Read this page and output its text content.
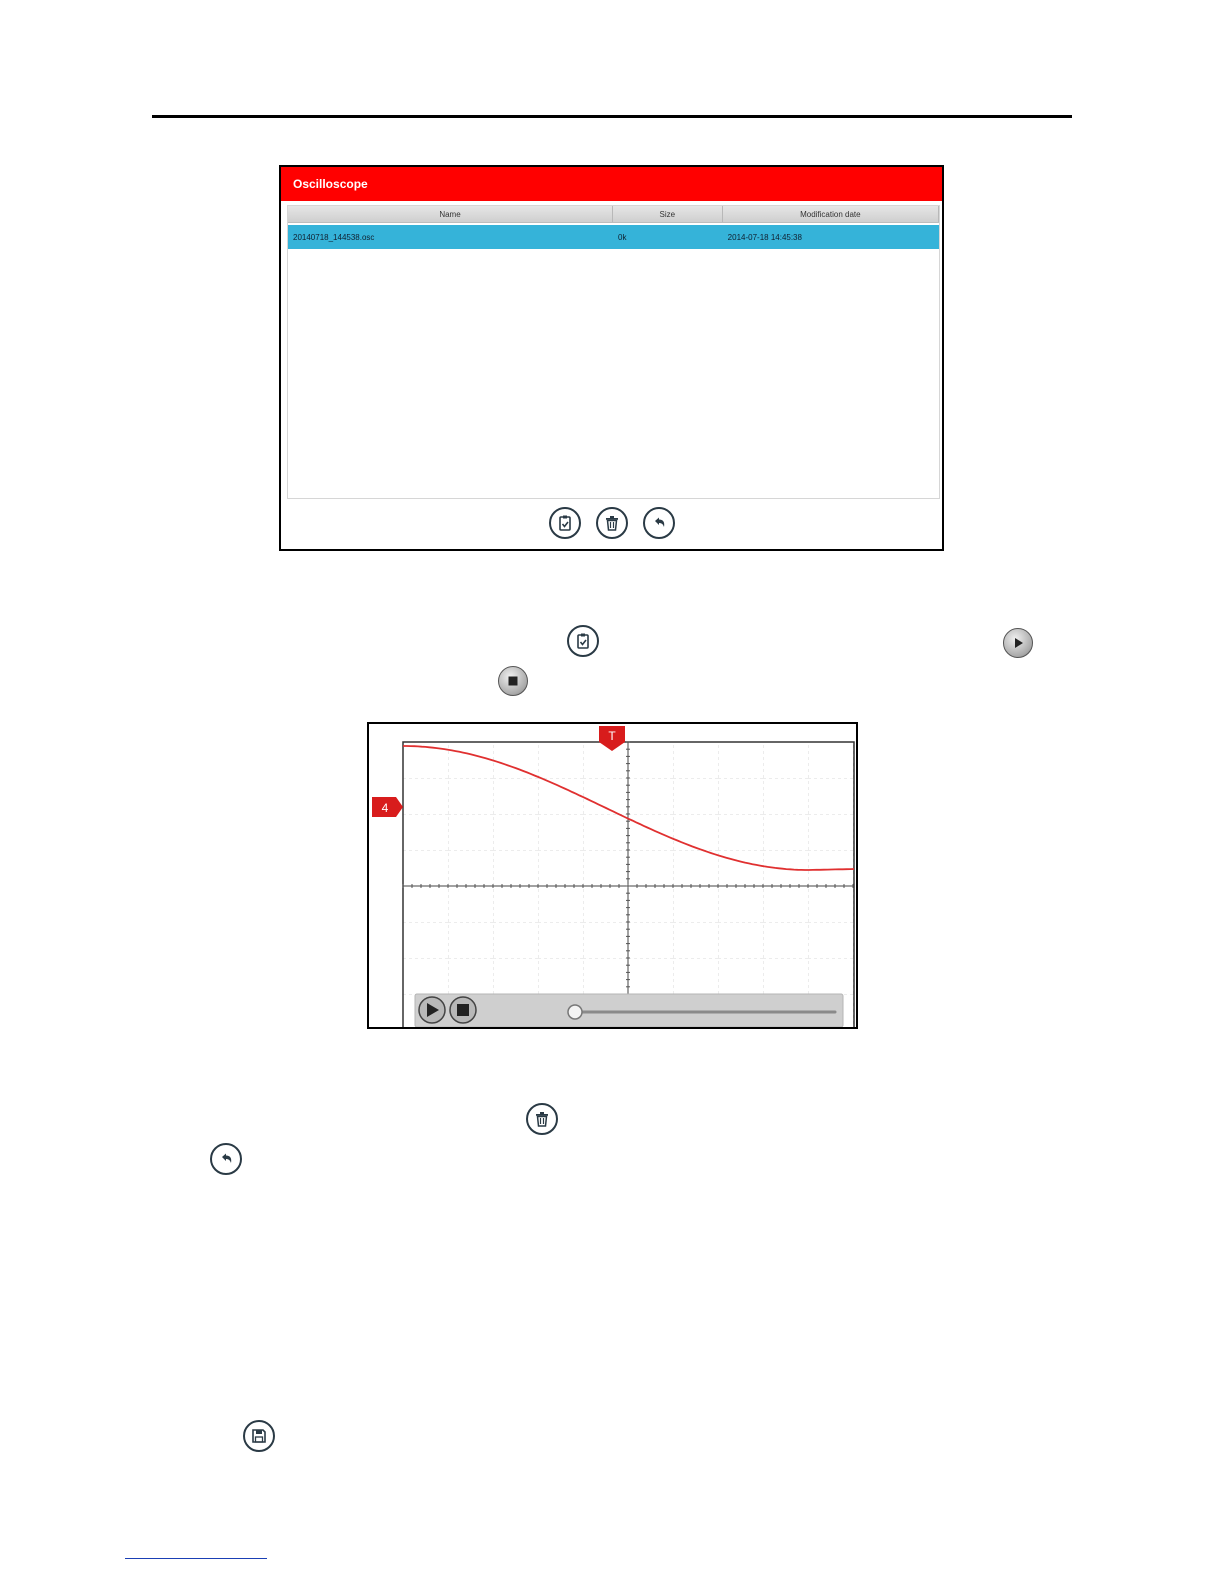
Oscilloscope
Name	Size	Modification date
20140718_144538.osc	0k	2014-07-18 14:45:38
T
4
